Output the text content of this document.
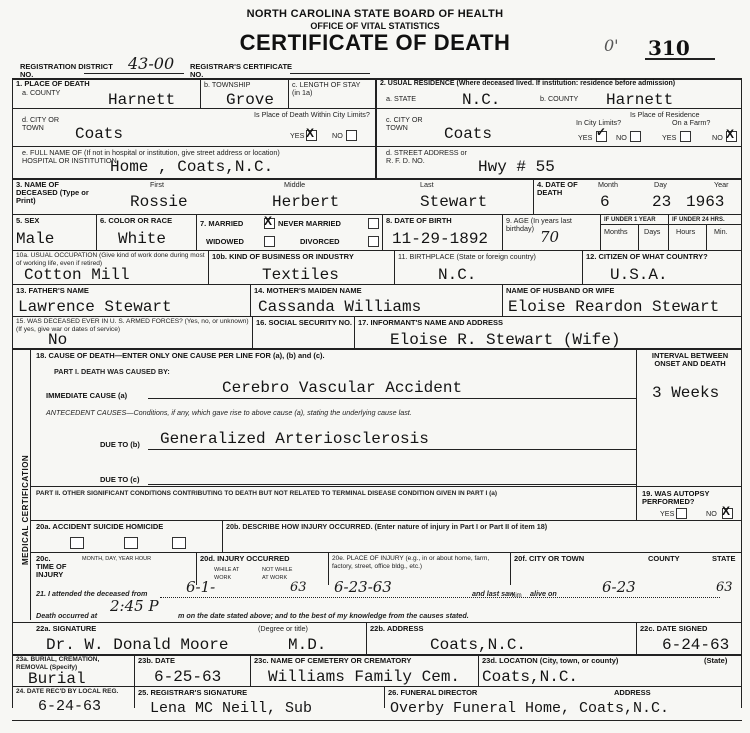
NORTH CAROLINA STATE BOARD OF HEALTH
OFFICE OF VITAL STATISTICS
CERTIFICATE OF DEATH	0' 310
REGISTRATION DISTRICT NO.
43-00 REGISTRAR'S CERTIFICATE NO.
1. PLACE OF DEATH
a. COUNTY	Harnett
b. TOWNSHIP
Grove
c. LENGTH OF STAY (in 1a)
d. CITY OR TOWN	Coats
Is Place of Death Within City Limits?
YES X NO
e. FULL NAME OF (If not in hospital or institution, give street address or location) HOSPITAL OR INSTITUTION
Home , Coats,N.C.
2. USUAL RESIDENCE (Where deceased lived. If institution: residence before admission)
a. STATE	N.C.	b. COUNTY Harnett
c. CITY OR TOWN	Coats
Is Place of Residence
In City Limits?	On a Farm?
YES ✓ NO	YES	NO X
d. STREET ADDRESS or R. F. D. NO.	Hwy # 55
3. NAME OF DECEASED (Type or Print)
First	Middle	Last
Rossie	Herbert	Stewart
4. DATE OF DEATH
Month	Day	Year
6	23 1963
5. SEX
Male
6. COLOR OR RACE
White
7. MARRIED X NEVER MARRIED
WIDOWED	DIVORCED
8. DATE OF BIRTH
11-29-1892
9. AGE (In years last birthday) 70
IF UNDER 1 YEAR	IF UNDER 24 HRS.
Months Days Hours	Min.
10a. USUAL OCCUPATION (Give kind of work done during most of working life, even if retired)
Cotton Mill
10b. KIND OF BUSINESS OR INDUSTRY
Textiles
11. BIRTHPLACE (State or foreign country)
N.C.
12. CITIZEN OF WHAT COUNTRY?
U.S.A.
13. FATHER'S NAME
Lawrence Stewart
14. MOTHER'S MAIDEN NAME
Cassanda Williams
NAME OF HUSBAND OR WIFE
Eloise Reardon Stewart
15. WAS DECEASED EVER IN U. S. ARMED FORCES? (Yes, no, or unknown) (If yes, give war or dates of service)
No
16. SOCIAL SECURITY NO. 17. INFORMANT'S NAME AND ADDRESS
Eloise R. Stewart (Wife)
MEDICAL CERTIFICATION
18. CAUSE OF DEATH—ENTER ONLY ONE CAUSE PER LINE FOR (a), (b) and (c).	INTERVAL BETWEEN ONSET AND DEATH
PART I. DEATH WAS CAUSED BY:
IMMEDIATE CAUSE (a)	Cerebro Vascular Accident	3 Weeks
ANTECEDENT CAUSES—Conditions, if any, which gave rise to above cause (a), stating the underlying cause last.
DUE TO (b) Generalized Arteriosclerosis
DUE TO (c)
PART II. OTHER SIGNIFICANT CONDITIONS CONTRIBUTING TO DEATH BUT NOT RELATED TO TERMINAL DISEASE CONDITION GIVEN IN PART I (a)	19. WAS AUTOPSY PERFORMED?
YES	NO X
20a. ACCIDENT SUICIDE HOMICIDE	20b. DESCRIBE HOW INJURY OCCURRED. (Enter nature of injury in Part I or Part II of item 18)
20c. TIME OF INJURY
MONTH, DAY, YEAR HOUR	20d. INJURY OCCURRED
WHILE AT WORK
NOT WHILE AT WORK
20e. PLACE OF INJURY (e.g., in or about home, farm, factory, street, office bldg., etc.)
20f. CITY OR TOWN	COUNTY	STATE
21. I attended the deceased from	6-1-	63 6-23-63	and last saw
him alive on	6-23	63
Death occurred at
2:45 P
m on the date stated above; and to the best of my knowledge from the causes stated.
22a. SIGNATURE	(Degree or title)
Dr. W. Donald Moore	M.D.
22b. ADDRESS
Coats,N.C.
22c. DATE SIGNED
6-24-63
23a. BURIAL, CREMATION, REMOVAL (Specify)
Burial
23b. DATE
6-25-63
23c. NAME OF CEMETERY OR CREMATORY
Williams Family Cem.
23d. LOCATION (City, town, or county)	(State)
Coats,N.C.
24. DATE REC'D BY LOCAL REG.
6-24-63
25. REGISTRAR'S SIGNATURE
Lena MC Neill, Sub
26. FUNERAL DIRECTOR	ADDRESS
Overby Funeral Home, Coats,N.C.
